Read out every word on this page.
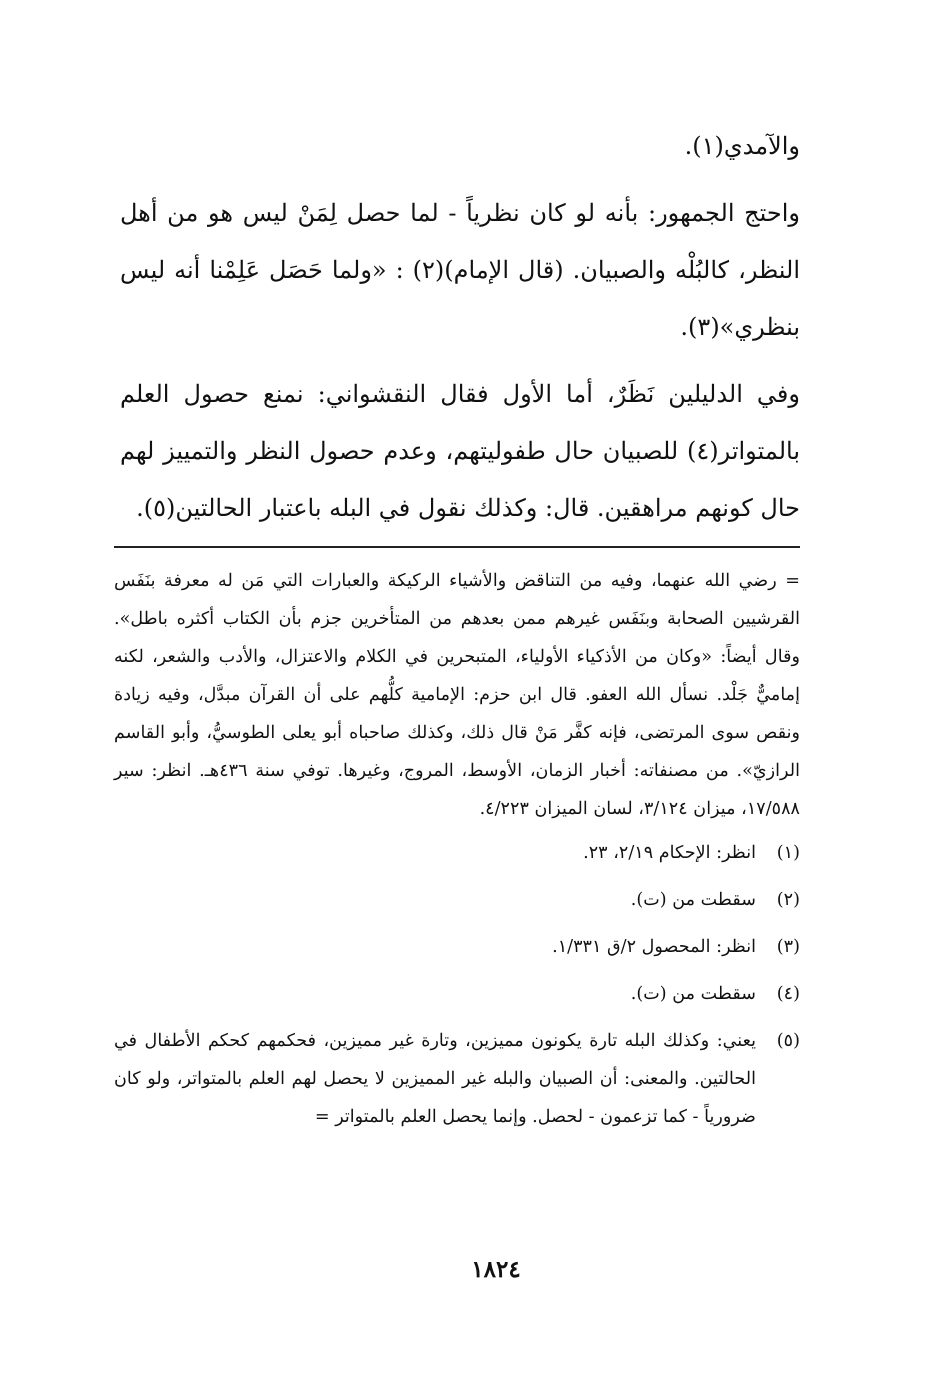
والآمدي(١).

واحتج الجمهور: بأنه لو كان نظرياً - لما حصل لِمَنْ ليس هو من أهل النظر، كالبُلْه والصبيان. (قال الإمام)(٢) : «ولما حَصَل عَلِمْنا أنه ليس بنظري»(٣).

وفي الدليلين نَظَرٌ، أما الأول فقال النقشواني: نمنع حصول العلم بالمتواتر(٤) للصبيان حال طفوليتهم، وعدم حصول النظر والتمييز لهم حال كونهم مراهقين. قال: وكذلك نقول في البله باعتبار الحالتين(٥).

= رضي الله عنهما، وفيه من التناقض والأشياء الركيكة والعبارات التي مَن له معرفة بنَفَس القرشيين الصحابة وبنَفَس غيرهم ممن بعدهم من المتأخرين جزم بأن الكتاب أكثره باطل». وقال أيضاً: «وكان من الأذكياء الأولياء، المتبحرين في الكلام والاعتزال، والأدب والشعر، لكنه إماميٌّ جَلْد. نسأل الله العفو. قال ابن حزم: الإمامية كلُّهم على أن القرآن مبدَّل، وفيه زيادة ونقص سوى المرتضى، فإنه كفَّر مَنْ قال ذلك، وكذلك صاحباه أبو يعلى الطوسيُّ، وأبو القاسم الرازيّ». من مصنفاته: أخبار الزمان، الأوسط، المروج، وغيرها. توفي سنة ٤٣٦هـ. انظر: سير ١٧/٥٨٨، ميزان ٣/١٢٤، لسان الميزان ٤/٢٢٣.

(١)
انظر: الإحكام ٢/١٩، ٢٣.
(٢)
سقطت من (ت).
(٣)
انظر: المحصول ٢/ق ١/٣٣١.
(٤)
سقطت من (ت).
(٥)
يعني: وكذلك البله تارة يكونون مميزين، وتارة غير مميزين، فحكمهم كحكم الأطفال في الحالتين. والمعنى: أن الصبيان والبله غير المميزين لا يحصل لهم العلم بالمتواتر، ولو كان ضرورياً - كما تزعمون - لحصل. وإنما يحصل العلم بالمتواتر =
١٨٢٤
